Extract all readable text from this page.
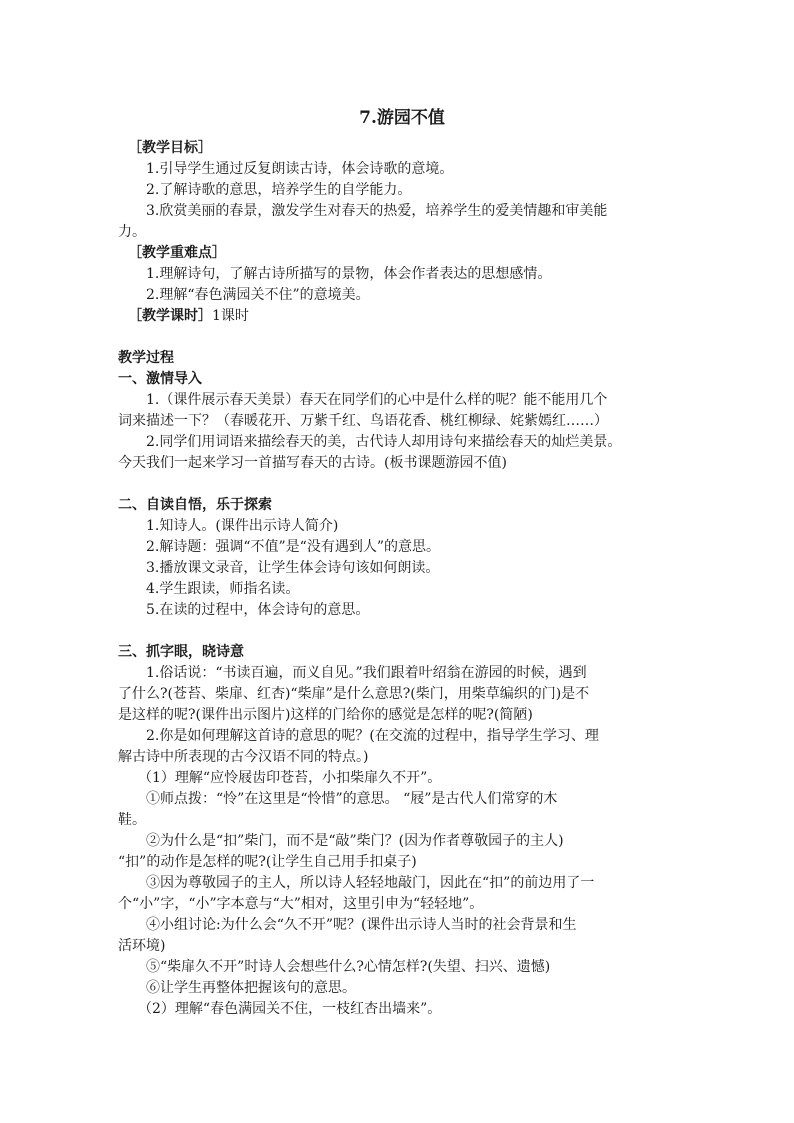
7.游园不值
［教学目标］
1.引导学生通过反复朗读古诗，体会诗歌的意境。
2.了解诗歌的意思，培养学生的自学能力。
3.欣赏美丽的春景，激发学生对春天的热爱，培养学生的爱美情趣和审美能
力。
［教学重难点］
1.理解诗句，了解古诗所描写的景物，体会作者表达的思想感情。
2.理解“春色满园关不住”的意境美。
［教学课时］1课时
教学过程
一、激情导入
1.（课件展示春天美景）春天在同学们的心中是什么样的呢？能不能用几个
词来描述一下？（春暖花开、万紫千红、鸟语花香、桃红柳绿、姹紫嫣红……）
2.同学们用词语来描绘春天的美，古代诗人却用诗句来描绘春天的灿烂美景。
今天我们一起来学习一首描写春天的古诗。(板书课题游园不值)
二、自读自悟，乐于探索
1.知诗人。(课件出示诗人简介)
2.解诗题：强调“不值”是“没有遇到人”的意思。
3.播放课文录音，让学生体会诗句该如何朗读。
4.学生跟读，师指名读。
5.在读的过程中，体会诗句的意思。
三、抓字眼，晓诗意
1.俗话说：“书读百遍，而义自见。”我们跟着叶绍翁在游园的时候，遇到
了什么?(苍苔、柴扉、红杏)“柴扉”是什么意思?(柴门，用柴草编织的门)是不
是这样的呢?(课件出示图片)这样的门给你的感觉是怎样的呢?(简陋)
2.你是如何理解这首诗的意思的呢？(在交流的过程中，指导学生学习、理
解古诗中所表现的古今汉语不同的特点。)
（1）理解“应怜屐齿印苍苔，小扣柴扉久不开”。
①师点拨：“怜”在这里是“怜惜”的意思。 “屐”是古代人们常穿的木
鞋。
②为什么是“扣”柴门，而不是“敲”柴门？(因为作者尊敬园子的主人)
“扣”的动作是怎样的呢?(让学生自己用手扣桌子)
③因为尊敬园子的主人，所以诗人轻轻地敲门，因此在“扣”的前边用了一
个“小”字，“小”字本意与“大”相对，这里引申为“轻轻地”。
④小组讨论:为什么会“久不开”呢？(课件出示诗人当时的社会背景和生
活环境)
⑤“柴扉久不开”时诗人会想些什么?心情怎样?(失望、扫兴、遗憾)
⑥让学生再整体把握该句的意思。
（2）理解“春色满园关不住，一枝红杏出墙来”。
